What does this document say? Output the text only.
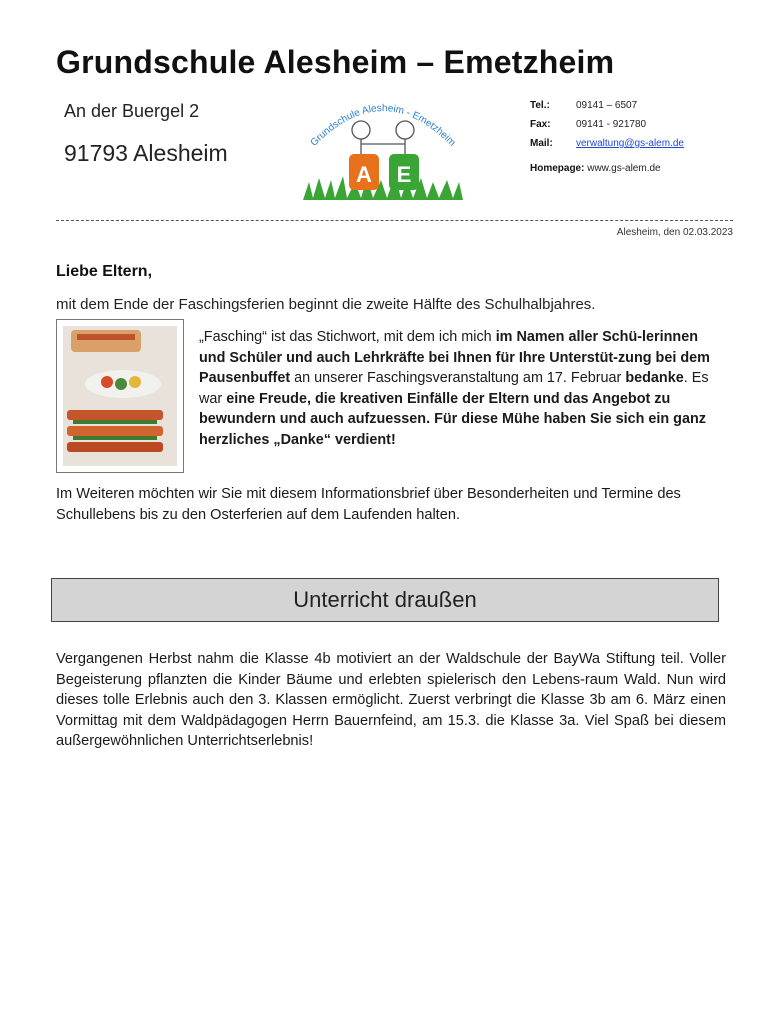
Grundschule Alesheim – Emetzheim
An der Buergel 2
91793 Alesheim	Grundschule Alesheim - Emetzheim
A E
Tel.:	09141 – 6507
Fax:	09141 - 921780
Mail: verwaltung@gs-alem.de
Homepage: www.gs-alem.de
Alesheim, den 02.03.2023
Liebe Eltern,
mit dem Ende der Faschingsferien beginnt die zweite Hälfte des Schulhalbjahres.
„Fasching“ ist das Stichwort, mit dem ich mich im Namen aller Schü-lerinnen und Schüler und auch Lehrkräfte bei Ihnen für Ihre Unterstüt-zung bei dem Pausenbuffet an unserer Faschingsveranstaltung am 17. Februar bedanke. Es war eine Freude, die kreativen Einfälle der Eltern und das Angebot zu bewundern und auch aufzuessen. Für diese Mühe haben Sie sich ein ganz herzliches „Danke“ verdient!
Im Weiteren möchten wir Sie mit diesem Informationsbrief über Besonderheiten und Termine des Schullebens bis zu den Osterferien auf dem Laufenden halten.
Unterricht draußen
Vergangenen Herbst nahm die Klasse 4b motiviert an der Waldschule der BayWa Stiftung teil. Voller Begeisterung pflanzten die Kinder Bäume und erlebten spielerisch den Lebens-raum Wald. Nun wird dieses tolle Erlebnis auch den 3. Klassen ermöglicht. Zuerst verbringt die Klasse 3b am 6. März einen Vormittag mit dem Waldpädagogen Herrn Bauernfeind, am 15.3. die Klasse 3a. Viel Spaß bei diesem außergewöhnlichen Unterrichtserlebnis!
